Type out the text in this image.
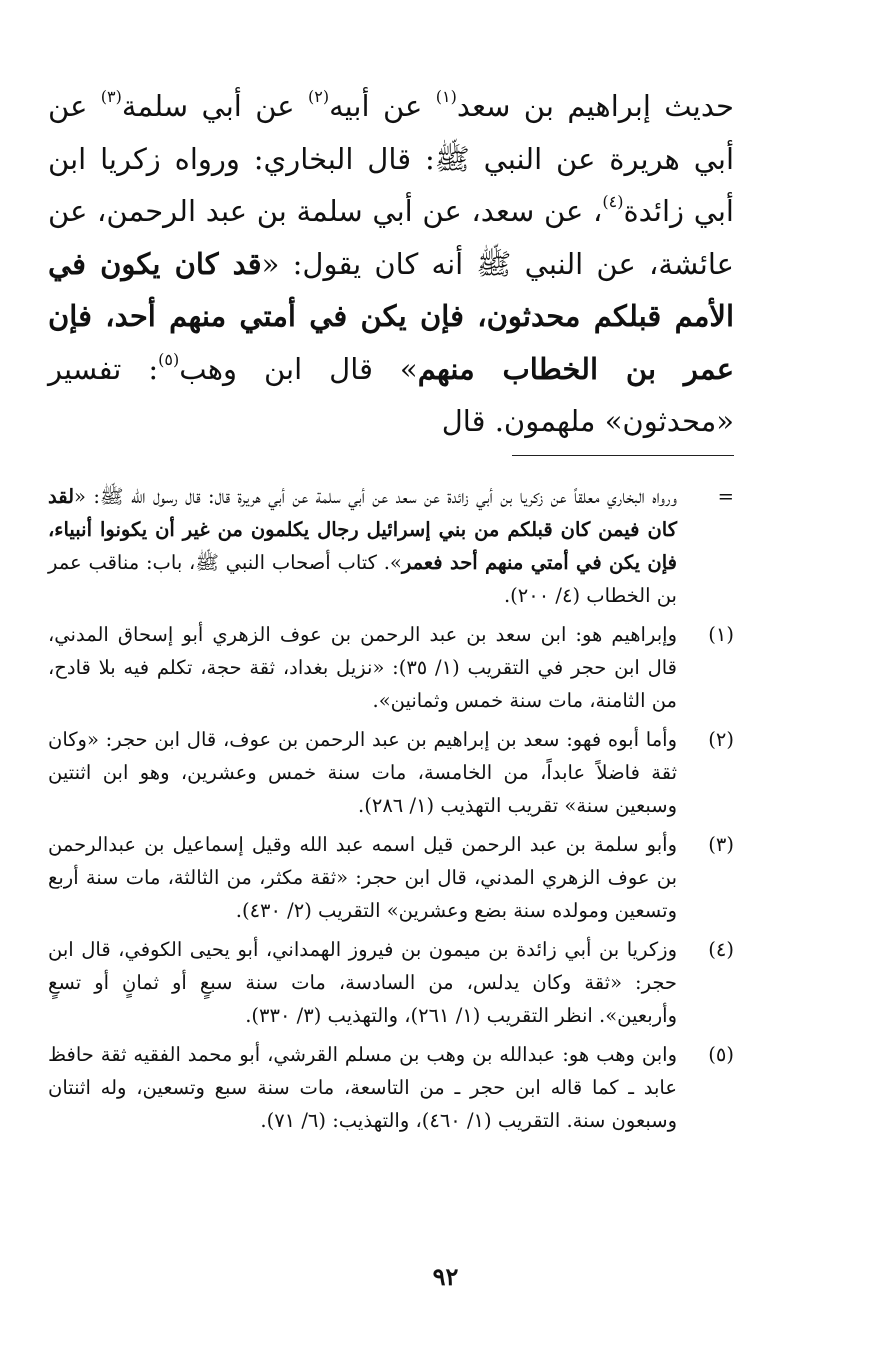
حديث إبراهيم بن سعد$^{(١)}$ عن أبيه$^{(٢)}$ عن أبي سلمة$^{(٣)}$ عن أبي هريرة عن النبي ﷺ: قال البخاري: ورواه زكريا ابن أبي زائدة$^{(٤)}$، عن سعد، عن أبي سلمة بن عبد الرحمن، عن عائشة، عن النبي ﷺ أنه كان يقول: «قد كان يكون في الأمم قبلكم محدثون، فإن يكن في أمتي منهم أحد، فإن عمر بن الخطاب منهم» قال ابن وهب$^{(٥)}$: تفسير «محدثون» ملهمون. قال
=
ورواه البخاري معلقاً عن زكريا بن أبي زائدة عن سعد عن أبي سلمة عن أبي هريرة قال: قال رسول الله ﷺ: «لقد كان فيمن كان قبلكم من بني إسرائيل رجال يكلمون من غير أن يكونوا أنبياء، فإن يكن في أمتي منهم أحد فعمر». كتاب أصحاب النبي ﷺ، باب: مناقب عمر بن الخطاب (٤/ ٢٠٠).
(١)
وإبراهيم هو: ابن سعد بن عبد الرحمن بن عوف الزهري أبو إسحاق المدني، قال ابن حجر في التقريب (١/ ٣٥): «نزيل بغداد، ثقة حجة، تكلم فيه بلا قادح، من الثامنة، مات سنة خمس وثمانين».
(٢)
وأما أبوه فهو: سعد بن إبراهيم بن عبد الرحمن بن عوف، قال ابن حجر: «وكان ثقة فاضلاً عابداً، من الخامسة، مات سنة خمس وعشرين، وهو ابن اثنتين وسبعين سنة» تقريب التهذيب (١/ ٢٨٦).
(٣)
وأبو سلمة بن عبد الرحمن قيل اسمه عبد الله وقيل إسماعيل بن عبدالرحمن بن عوف الزهري المدني، قال ابن حجر: «ثقة مكثر، من الثالثة، مات سنة أربع وتسعين ومولده سنة بضع وعشرين» التقريب (٢/ ٤٣٠).
(٤)
وزكريا بن أبي زائدة بن ميمون بن فيروز الهمداني، أبو يحيى الكوفي، قال ابن حجر: «ثقة وكان يدلس، من السادسة، مات سنة سبعٍ أو ثمانٍ أو تسعٍ وأربعين». انظر التقريب (١/ ٢٦١)، والتهذيب (٣/ ٣٣٠).
(٥)
وابن وهب هو: عبدالله بن وهب بن مسلم القرشي، أبو محمد الفقيه ثقة حافظ عابد ـ كما قاله ابن حجر ـ من التاسعة، مات سنة سبع وتسعين، وله اثنتان وسبعون سنة. التقريب (١/ ٤٦٠)، والتهذيب: (٦/ ٧١).
٩٢
